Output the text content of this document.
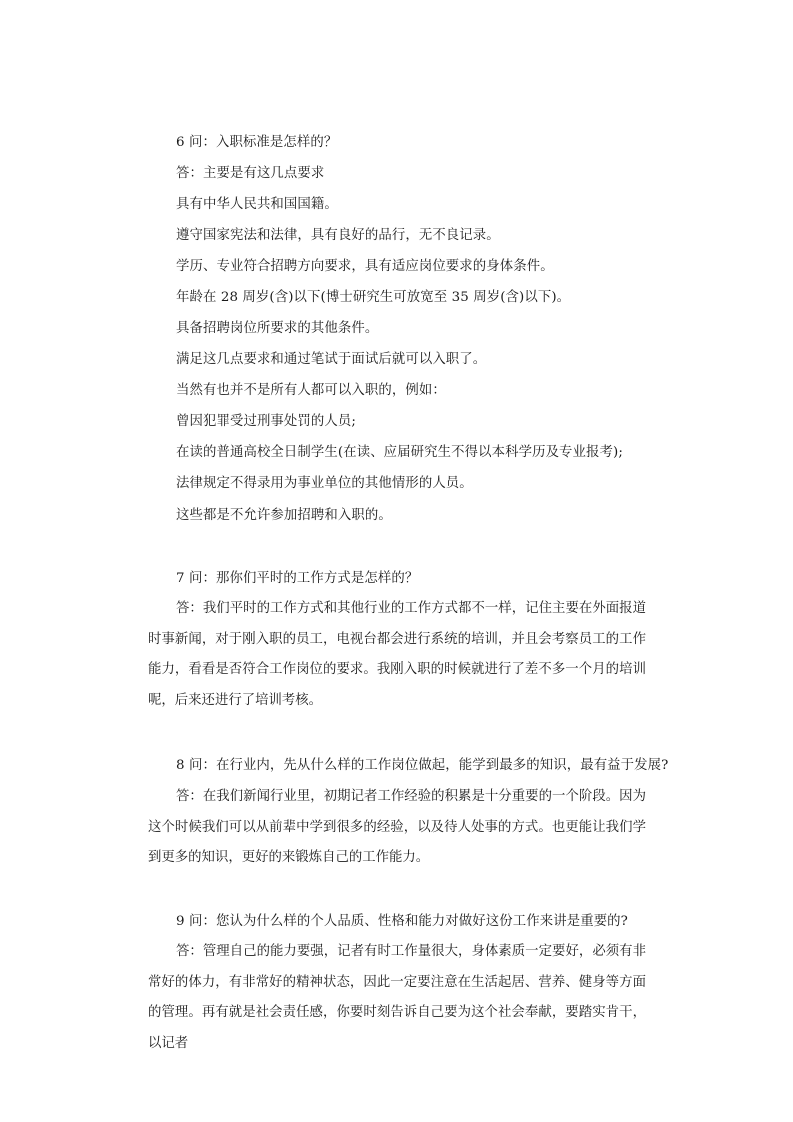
6 问：入职标准是怎样的？
答：主要是有这几点要求
具有中华人民共和国国籍。
遵守国家宪法和法律，具有良好的品行，无不良记录。
学历、专业符合招聘方向要求，具有适应岗位要求的身体条件。
年龄在 28 周岁(含)以下(博士研究生可放宽至 35 周岁(含)以下)。
具备招聘岗位所要求的其他条件。
满足这几点要求和通过笔试于面试后就可以入职了。
当然有也并不是所有人都可以入职的，例如：
曾因犯罪受过刑事处罚的人员;
在读的普通高校全日制学生(在读、应届研究生不得以本科学历及专业报考);
法律规定不得录用为事业单位的其他情形的人员。
这些都是不允许参加招聘和入职的。
7 问：那你们平时的工作方式是怎样的？

答：我们平时的工作方式和其他行业的工作方式都不一样，记住主要在外面报道时事新闻，对于刚入职的员工，电视台都会进行系统的培训，并且会考察员工的工作能力，看看是否符合工作岗位的要求。我刚入职的时候就进行了差不多一个月的培训呢，后来还进行了培训考核。

8 问：在行业内，先从什么样的工作岗位做起，能学到最多的知识，最有益于发展?

答：在我们新闻行业里，初期记者工作经验的积累是十分重要的一个阶段。因为这个时候我们可以从前辈中学到很多的经验，以及待人处事的方式。也更能让我们学到更多的知识，更好的来锻炼自己的工作能力。

9 问：您认为什么样的个人品质、性格和能力对做好这份工作来讲是重要的?

答：管理自己的能力要强，记者有时工作量很大，身体素质一定要好，必须有非常好的体力，有非常好的精神状态，因此一定要注意在生活起居、营养、健身等方面的管理。再有就是社会责任感，你要时刻告诉自己要为这个社会奉献，要踏实肯干，以记者
